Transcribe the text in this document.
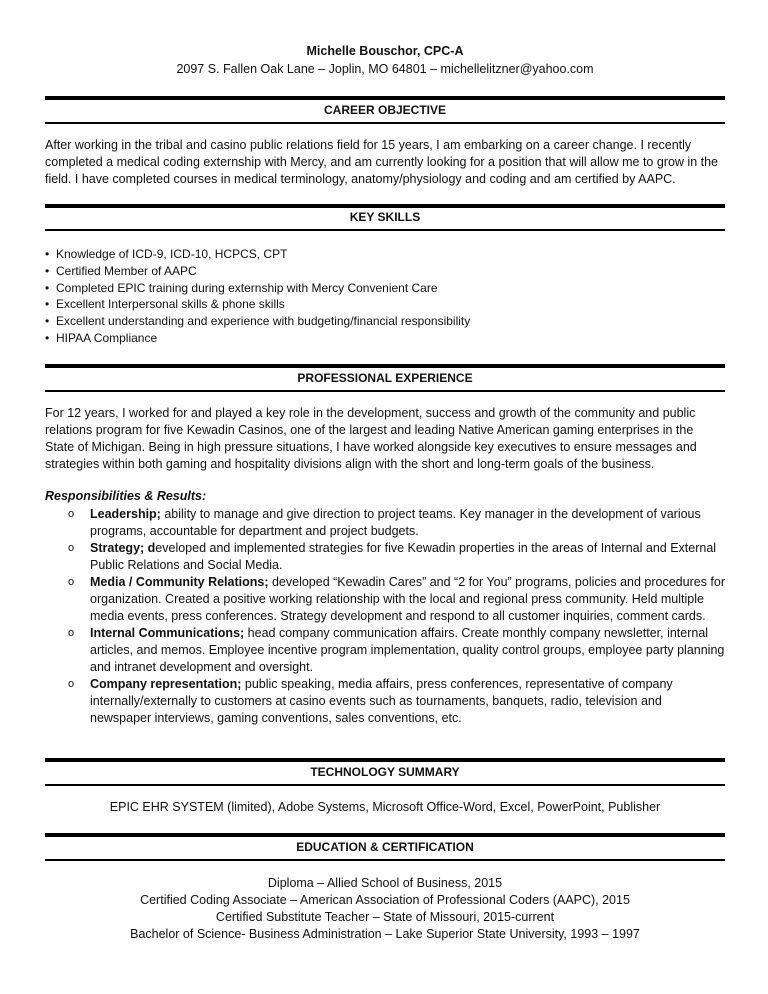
Michelle Bouschor, CPC-A
2097 S. Fallen Oak Lane – Joplin, MO 64801 – michellelitzner@yahoo.com
CAREER OBJECTIVE
After working in the tribal and casino public relations field for 15 years, I am embarking on a career change. I recently completed a medical coding externship with Mercy, and am currently looking for a position that will allow me to grow in the field. I have completed courses in medical terminology, anatomy/physiology and coding and am certified by AAPC.
KEY SKILLS
• Knowledge of ICD-9, ICD-10, HCPCS, CPT
• Certified Member of AAPC
• Completed EPIC training during externship with Mercy Convenient Care
• Excellent Interpersonal skills & phone skills
• Excellent understanding and experience with budgeting/financial responsibility
• HIPAA Compliance
PROFESSIONAL EXPERIENCE
For 12 years, I worked for and played a key role in the development, success and growth of the community and public relations program for five Kewadin Casinos, one of the largest and leading Native American gaming enterprises in the State of Michigan. Being in high pressure situations, I have worked alongside key executives to ensure messages and strategies within both gaming and hospitality divisions align with the short and long-term goals of the business.
Responsibilities & Results:
o Leadership; ability to manage and give direction to project teams. Key manager in the development of various programs, accountable for department and project budgets.
o Strategy; developed and implemented strategies for five Kewadin properties in the areas of Internal and External Public Relations and Social Media.
o Media / Community Relations; developed “Kewadin Cares” and “2 for You” programs, policies and procedures for organization. Created a positive working relationship with the local and regional press community. Held multiple media events, press conferences. Strategy development and respond to all customer inquiries, comment cards.
o Internal Communications; head company communication affairs. Create monthly company newsletter, internal articles, and memos. Employee incentive program implementation, quality control groups, employee party planning and intranet development and oversight.
o Company representation; public speaking, media affairs, press conferences, representative of company internally/externally to customers at casino events such as tournaments, banquets, radio, television and newspaper interviews, gaming conventions, sales conventions, etc.
TECHNOLOGY SUMMARY
EPIC EHR SYSTEM (limited), Adobe Systems, Microsoft Office-Word, Excel, PowerPoint, Publisher
EDUCATION & CERTIFICATION
Diploma – Allied School of Business, 2015
Certified Coding Associate – American Association of Professional Coders (AAPC), 2015
Certified Substitute Teacher – State of Missouri, 2015-current
Bachelor of Science- Business Administration – Lake Superior State University, 1993 – 1997
